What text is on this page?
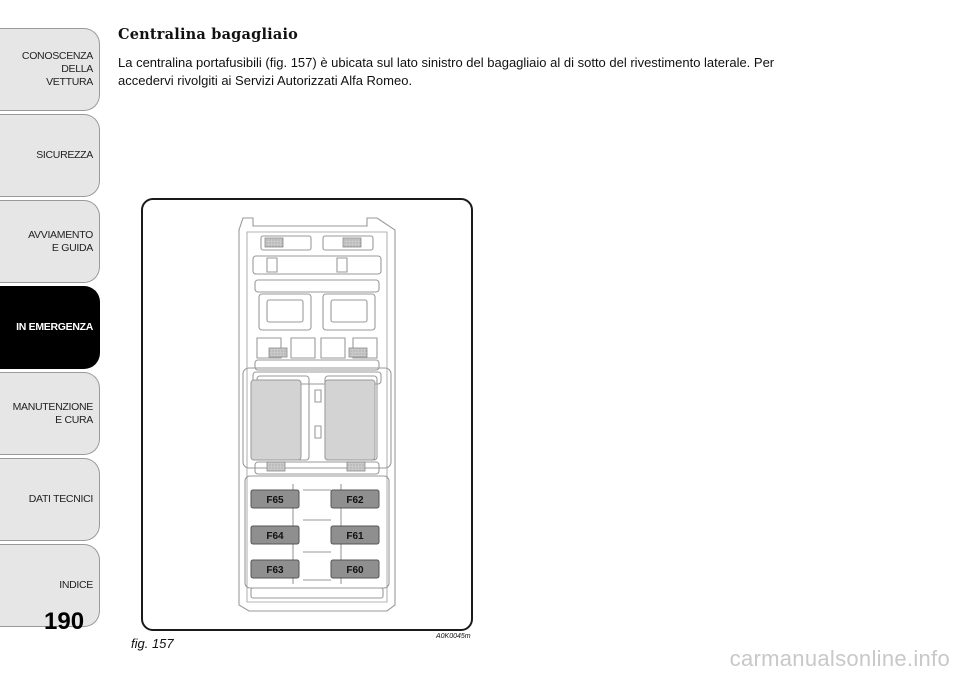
CONOSCENZA
DELLA
VETTURA
SICUREZZA
AVVIAMENTO
E GUIDA
IN EMERGENZA
MANUTENZIONE
E CURA
DATI TECNICI
INDICE
190
Centralina bagagliaio

La centralina portafusibili (fig. 157) è ubicata sul lato sinistro del bagagliaio al di sotto del rivestimento laterale. Per accedervi rivolgiti ai Servizi Autorizzati Alfa Romeo.

F65
F64
F63
F62
F61
F60
fig. 157	A0K0045m
carmanualsonline.info
